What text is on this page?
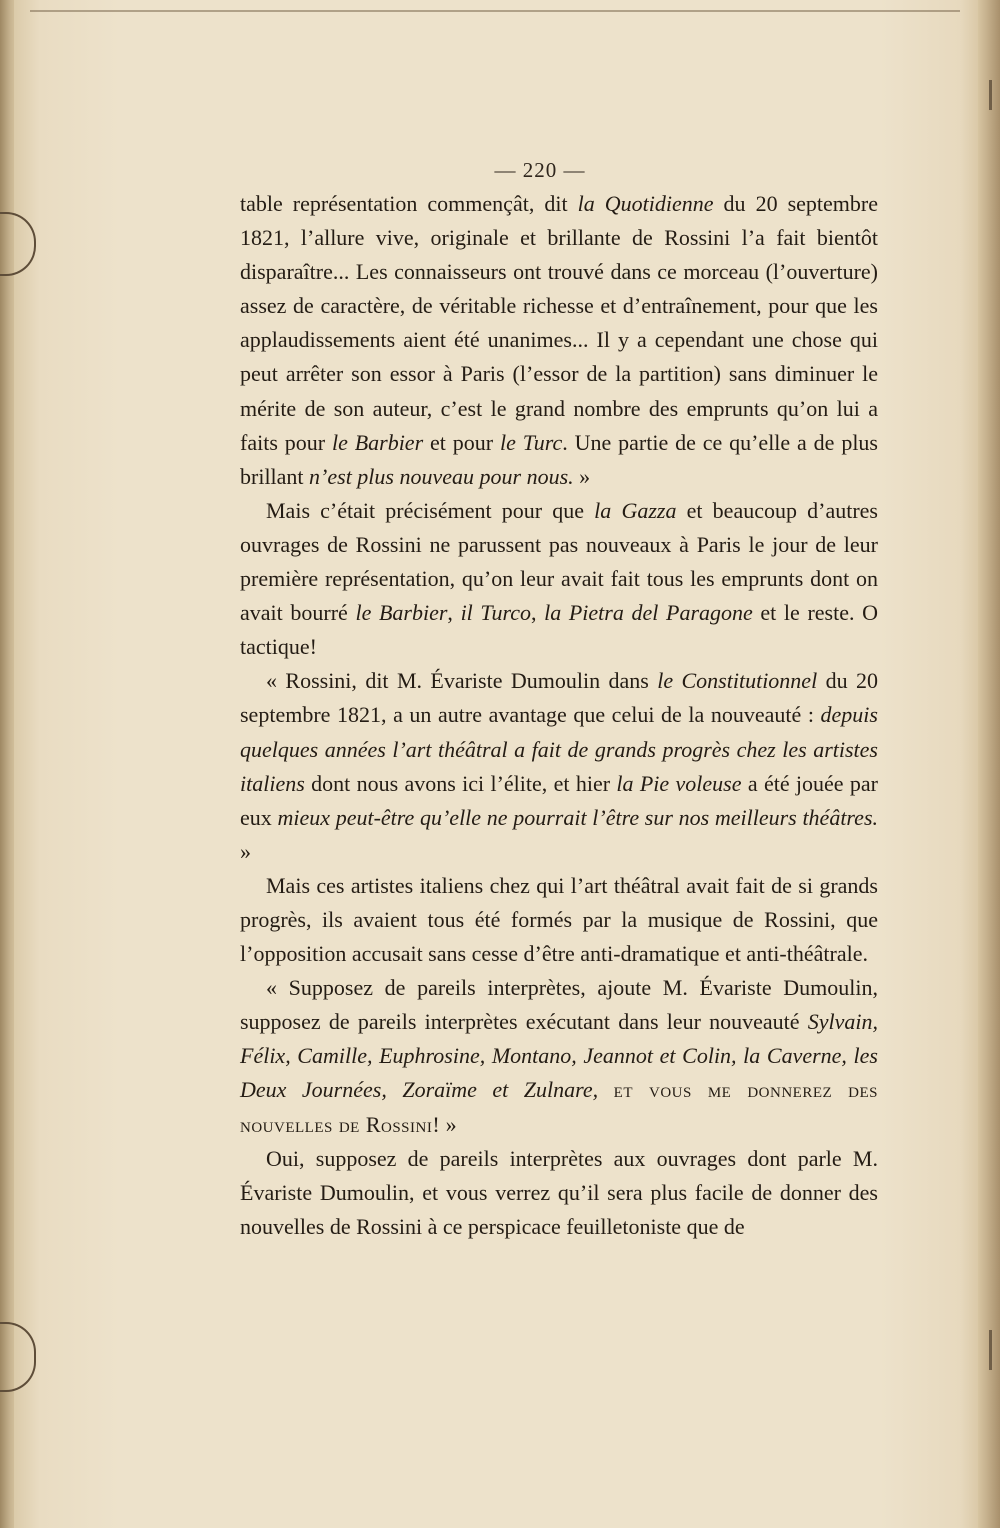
— 220 —

table représentation commençât, dit la Quotidienne du 20 septembre 1821, l’allure vive, originale et brillante de Rossini l’a fait bientôt disparaître... Les connaisseurs ont trouvé dans ce morceau (l’ouverture) assez de caractère, de véritable richesse et d’entraînement, pour que les applaudissements aient été unanimes... Il y a cependant une chose qui peut arrêter son essor à Paris (l’essor de la partition) sans diminuer le mérite de son auteur, c’est le grand nombre des emprunts qu’on lui a faits pour le Barbier et pour le Turc. Une partie de ce qu’elle a de plus brillant n’est plus nouveau pour nous. »

Mais c’était précisément pour que la Gazza et beaucoup d’autres ouvrages de Rossini ne parussent pas nouveaux à Paris le jour de leur première représentation, qu’on leur avait fait tous les emprunts dont on avait bourré le Barbier, il Turco, la Pietra del Paragone et le reste. O tactique!

« Rossini, dit M. Évariste Dumoulin dans le Constitutionnel du 20 septembre 1821, a un autre avantage que celui de la nouveauté : depuis quelques années l’art théâtral a fait de grands progrès chez les artistes italiens dont nous avons ici l’élite, et hier la Pie voleuse a été jouée par eux mieux peut-être qu’elle ne pourrait l’être sur nos meilleurs théâtres. »

Mais ces artistes italiens chez qui l’art théâtral avait fait de si grands progrès, ils avaient tous été formés par la musique de Rossini, que l’opposition accusait sans cesse d’être anti-dramatique et anti-théâtrale.

« Supposez de pareils interprètes, ajoute M. Évariste Dumoulin, supposez de pareils interprètes exécutant dans leur nouveauté Sylvain, Félix, Camille, Euphrosine, Montano, Jeannot et Colin, la Caverne, les Deux Journées, Zoraïme et Zulnare, et vous me donnerez des nouvelles de Rossini! »

Oui, supposez de pareils interprètes aux ouvrages dont parle M. Évariste Dumoulin, et vous verrez qu’il sera plus facile de donner des nouvelles de Rossini à ce perspicace feuilletoniste que de
